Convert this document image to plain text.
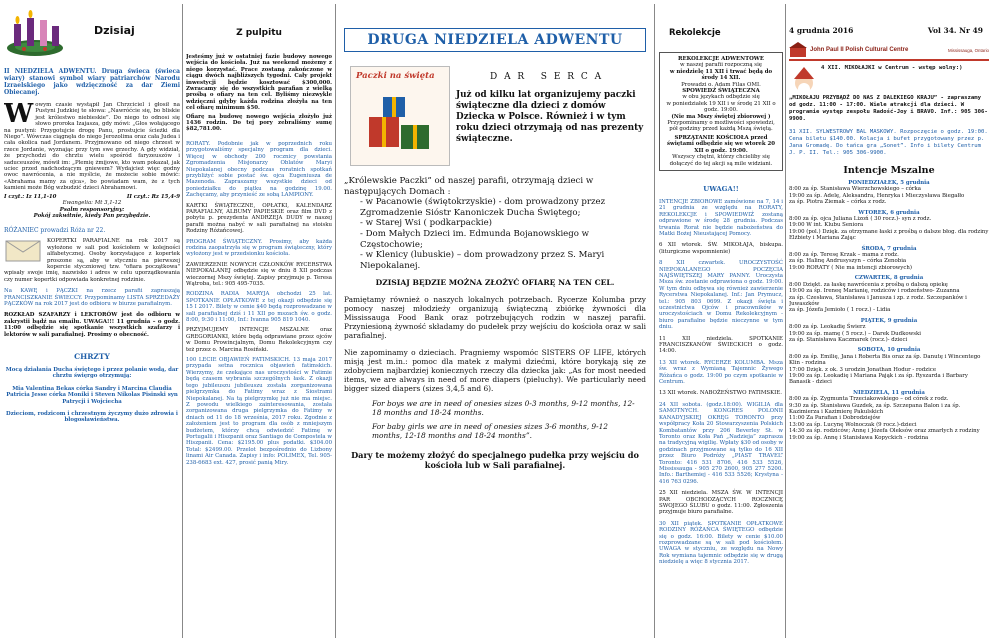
Dzisiaj

II NIEDZIELA ADWENTU. Druga świeca (świeca wiary) stanowi symbol wiary patriarchów Narodu Izraelskiego jako wdzięczność za dar Ziemi Obiecanej.

W owym czasie wystąpił Jan Chrzciciel i głosił na Pustyni Judzkiej te słowa: „Nawróćcie się, bo bliskie jest królestwo niebieskie”. Do niego to odnosi się słowo proroka Izajasza, gdy mówi: „Głos wołającego na pustyni: Przygotujcie drogę Panu, prostujcie ścieżki dla Niego”. Wówczas ciągnęła do niego Jerozolima oraz cała Judea i cała okolica nad Jordanem. Przyjmowano od niego chrzest w rzece Jordanie, wyznając przy tym swe grzechy. A gdy widział, że przychodzi do chrztu wielu spośród faryzeuszów i saduceuszów, mówił im: „Plemię żmijowe, kto wam pokazał, jak uciec przed nadchodzącym gniewem? Wydajcież więc godny owoc nawrócenia, a nie myślcie, że możecie sobie mówić: «Abrahama mamy za ojca», bo powiadam wam, że z tych kamieni może Bóg wzbudzić dzieci Abrahamowi.
I czyt.: Iz 11,1-10	II czyt.: Rz 15,4-9

Ewangelia: Mt 3,1-12

Psalm responsoryjny:

Pokój zakwitnie, kiedy Pan przybędzie.

RÓŻANIEC prowadzi Róża nr 22.

KOPERTKI PARAFIALNE na rok 2017 są wyłożone w sali pod kościołem w kolejności alfabetycznej. Osoby korzystające z kopertek proszone są, aby w styczniu na pierwszej kopercie styczniowej tzw. "ofiara początkowa" wpisały swoje imię, nazwisko i adres w celu uporządkowania czy numer kopertki odpowiada konkretnej rodzinie.

Na KAWĘ i PĄCZKI na rzecz parafii zapraszają FRANCISZKANIE ŚWIECCY. Przypominamy LISTA SPRZEDAŻY PĄCZKÓW na rok 2017 jest do odbioru w biurze parafialnym.

ROZKŁAD SZAFARZY i LEKTORÓW jest do odbioru w zakrystii bądź na emailu. UWAGA!!! 11 grudnia – o godz. 11:00 odbędzie się spotkanie wszystkich szafarzy i lektorów w sali parafialnej. Prosimy o obecność.

CHRZTY

Mocą działania Ducha świętego i przez polanie wodą, dar chrztu święrgo otrzymują:

Mia Valentina Bekas córka Sandry i Marcina Claudia Patricia Jesse córka Moniki i Steven Nikolas Pisinski syn Patrycji i Wojciecha

Dzieciom, rodzicom i chrzestnym życzymy dużo zdrowia i błogosławieństwa.

Z pulpitu

Jesteśmy już w ostatniej fazie budowy nowego wejścia do kościoła. Już na weekend możemy z niego korzystać. Prace zostaną zakończone w ciągu dwóch najbliższych tygodni. Cały projekt inwestycji będzie kosztować $300,000. Zwracamy się do wszystkich parafian z wielką prośbą o ofiary na ten cel. Byliśmy niezwykle wdzięczni gdyby każda rodzina złożyła na ten cel ofiarę minimum $50.

Ofiarę na budowę nowego wejścia złożyło już 1436 rodzin. Do tej pory zebraliśmy sumę $82,781.00.

RORATY. Podobnie jak w poprzednich roku przygotowaliśmy specjalny program dla dzieci. Więcej w obchody 200 rocznicy powstania Zgromadzenia Misjonarzy Oblatów Maryi Niepokalanej obecny podczas roratnich spotkań przybliżyć sobie postać św. ojca Eugeniusza de Mazenoda. Zapraszamy wszystkie dzieci od poniedziałku do piątku na godzinę 19.00. Zachęcamy, aby przynieść ze sobą LAMPIONY.

KARTKI ŚWIĄTECZNE, OPŁATKI, KALENDARZ PARAFIALNY, ALBUMY PAPIESKIE oraz film DVD z pobytu p. prezydenta ANDRZEJA DUDY w naszej parafii można nabyć w sali parafialnej na stoisku Rodziny Różańcowej.

PROGRAM ŚWIĄTECZNY. Prosimy, aby każda rodzina zaopatrzyła się w program świąteczny, który wyłożony jest w przedsionku kościoła.

ZAWIERZENIE NOWYCH CZŁONKÓW RYCERSTWA NIEPOKALANEJ odbędzie się w dniu 8 XII podczas wieczornej Mszy świętej. Zapisy przyjmuje p. Teresa Wątroba, tel.: 905 495-7035.

RODZINA RADIA MARYJA obchodzi 25 lat. SPOTKANIE OPŁATKOWE z tej okazji odbędzie się 15 I 2017. Bilety w cenie $40 będą rozprowadzane w sali parafialnej dziś i 11 XII po mszach św. o godz. 8:00, 9:30 i 11:00, Inf.: Ivanna 905 819 1040.

PRZYJMUJEMY INTENCJE MSZALNE oraz GREGORIANKI, które będą odprawiane przez ojców w Domu Prowincjalnym, Domu Rekolekcyjnym czy też przez o. Marcina Rosiński.

100 LECIE OBJAWIEŃ FATIMSKICH. 13 maja 2017 przypada setna rocznica objawień fatimskich. Wierzymy, że czekające nas uroczystości w Fatimie będą czasem wybrania szczególnych łask. Z okazji tego jubileuszu jubileuszu została zorganizowana pielgrzymka do Fatimy wraz z Siostrami Niepokalanej. Na tą pielgrzymkę już nie ma miejsc. Z powodu wielkiego zainteresowania, została zorganizowana druga pielgrzymka do Fatimy w dniach od 11 do 18 września, 2017 roku. Zgodnie z założeniem jest to program dla osób z mniejszym budżetem, którzy chcą odwiedzić Fatimę w Portugalii i Hiszpanii oraz Santiago de Compostela w Hiszpanii. Cena: $2195.00 plus podatki. $304.00 Total: $2499.00. Przelot bezpośrednio do Lizbony linami Air Canada. Zapisy i info: POLIMEX, Tel. 905-238-6683 ext. 427, prosić panią Miry.

DRUGA NIEDZIELA ADWENTU
Paczki na święta	D A R   S E R C A

Już od kilku lat organizujemy paczki świąteczne dla dzieci z domów Dziecka w Polsce. Również i w tym roku dzieci otrzymają od nas prezenty świąteczne.

„Królewskie Paczki” od naszej parafii, otrzymają dzieci w następujących Domach :

- w Pacanowie (świętokrzyskie) - dom prowadzony przez Zgromadzenie Sióstr Kanoniczek Ducha Świętego;

- w Starej Wsi ( podkarpackie)

- Dom Małych Dzieci im. Edmunda Bojanowskiego w Częstochowie;

- w Klenicy (lubuskie) – dom prowadzony przez S. Maryi Niepokalanej.

DZISIAJ BĘDZIE MOŻNA ZŁOŻYĆ OFIARĘ NA TEN CEL.

Pamiętamy również o naszych lokalnych potrzebach. Rycerze Kolumba przy pomocy naszej młodzieży organizują świąteczną zbiórkę żywności dla Mississauga Food Bank oraz potrzebujących rodzin w naszej parafii. Przyniesioną żywność składamy do pudełek przy wejściu do kościoła oraz w sali parafialnej.

Nie zapominamy o dzieciach. Pragniemy wspomóc SISTERS OF LIFE, których misją jest m.in.: pomoc dla matek z małymi dziećmi, które borykają się ze zdobyciem najbardziej koniecznych rzeczy dla dziecka jak: „As for most needed items, we are always in need of more diapers (pieluchy). We particularly need bigger sized diapers (sizes 3,4,5 and 6).

For boys we are in need of onesies sizes 0-3 months, 9-12 months, 12-18 months and 18-24 months.

For baby girls we are in need of onesies sizes 3-6 months, 9-12 months, 12-18 months and 18-24 months”.

Dary te możemy złożyć do specjalnego pudełka przy wejściu do kościoła lub w Sali parafialnej.

Rekolekcje

REKOLEKCJE ADWENTOWE

w naszej parafii rozpoczną się

w niedzielę 11 XII i trwać będą do środy 14 XII.

Prowadzi o. Adam Filas OMI.

SPOWIEDŹ ŚWIĄTECZNA

w obu językach odbędzie się

w poniedziałek 19 XII i w środę 21 XII o godz. 19:00.

(Nie ma Mszy świętej zbiorowej )

Przypominamy o możliwości spowiedzi, pół godziny przed każdą Mszą świętą.

SPRZĄTANIE KOŚCIOŁA przed świętami odbędzie się we wtorek 20 XII o godz. 19:00.

Wszyscy chętni, którzy chcieliby się dołączyć do tej akcji są mile widziani.

UWAGA!!

INTENCJE ZBIOROWE zamówione na 7, 14 i 21 grudnia ze względu na RORATY, REKOLEKCJE i SPOWIEDWIŹ zostaną odprawione w środę 28 grudnia. Podczas trwania Rorat nie będzie nabożeństwa do Matki Bożej Nieustającej Pomocy.

6 XII wtorek. ŚW. MIKOŁAJA, biskupa. (liturgiczne wspomnienie)

8 XII czwartek. UROCZYSTOŚĆ NIEPOKALANEGO POCZĘCIA NAJŚWIĘTSZEJ MARY PANNY. Uroczysta Msza św. zostanie odprawiona o godz. 19:00. W tym dniu odbywa się również zawierzenie Rycerstwa Niepokalanej. Inf.: Jan Prymucz, tel.: 905 803 0699. Z okazji święta i uczestnictwa Ojców i pracowników w uroczystościach w Domu Rekolekcyjnym - biuro parafialne będzie nieczynne w tym dniu.

11 XII niedziela. SPOTKANIE FRANCISZKANÓW ŚWIECKICH o godz. 14:00.

13 XII wtorek. RYCERZE KOLUMBA. Msza św. wraz z Wymianą Tajemnic Żywego Różańca o godz. 19:00 po czym spotkanie w Centrum.

13 XII wtorek. NABOŻEŃSTWO FATIMSKIE.

24 XII sobota. (godz.18:00). WIGILIA dla SAMOTNYCH. KONGRES POLONII KANADYJSKIEJ OKRĘG TORONTO przy współpracy Koła 20 Stowarzyszenia Polskich Kombatantów przy 206 Beverley St. w Toronto oraz Koła Pań „Nadzieja” zaprasza na tradycyjną wigilię. Wpłaty $30 od osoby w godzinach przyjmowane są tylko do 16 XII przez Biuro Podróży „PIAST TRAVEL” Toronto: 416 531 8706, 416 533 5526, Mississauga - 905 270 2600, 905 277 5200. Info.: Barthemiej - 416 533 5526; Krystyna - 416 763 0296.

25 XII niedziela. MSZA ŚW. W INTENCJI PAR OBCHODZĄCYCH ROCZNICĘ SWOJEGO ŚLUBU o godz. 11:00. Zgłoszenia przyjmuje biuro parafialne.

30 XII piątek. SPOTKANIE OPŁATKOWE RODZINY RÓŻAŃCA ŚWIĘTEGO odbędzie się o godz. 16:00. Bilety w cenie $10.00 rozprowadzane są w sali pod kościołem. UWAGA w styczniu, ze względu na Nowy Rok wymiana tajemnic odbędzie się w drugą niedzielę a więc 8 stycznia 2017.

4 grudnia 2016	Vol 34. Nr 49
John Paul II Polish Cultural Centre	Mississauga, Ontario

4 XII. MIKOŁAJKI w Centrum - wstęp wolny:)

„MIKOŁAJU PRZYBĄDŹ DO NAS Z DALEKIEGO KRAJU” - zapraszamy od godz. 11:00 - 17:00. Wiele atrakcji dla dzieci. W programie występ zespołu Radość-Joy i BRAVO. Inf.: 905 306-9900.

31 XII. SYLWESTROWY BAL MASKOWY. Rozpoczęcie o godz. 19:00. Cena biletu $140.00. Kolacja i bufet przygotowany przez p. Jana Gromadę. Do tańca gra „Sonet”. Info i bilety Centrum J. P. II. Tel.: 905 306-9900.

Intencje Mszalne

PONIEDZIAŁEK, 5 grudnia

8:00 za śp. Stanisława Wierzchowskiego – córka

19:00 za śp. Adelę, Aleksandra, Henryka i Mieczysława Biegałło

za śp. Piotra Ziemak – córka z rodz.

WTOREK, 6 grudnia

8:00 za śp. ojca Juliana Lizoń ( 30 rocz.)- syn z rodz.

19:00 W int. Klubu Seniora

19:00 (pol.) Dzięk. za otrzymane łaski z prośbą o dalsze błog. dla rodziny Elżbiety i Mariana Zając

ŚRODA, 7 grudnia

8:00 za śp. Teresę Krzak – mama z rodz.

za śp. Halinę Andrusyszyn – córka Zenobia

19:00 RORATY ( Nie ma intencji zbiorowych)

CZWARTEK, 8 grudnia

8:00 Dziękt. za łaskę nawrócenia z prośbą o dalszą opiekę

19:00 za śp. Ireneę Marianię, rodziców i rodzeństwo- Zuzanna

za śp. Czesława, Stanisława i Janusza i zp. z rodz. Szczepanków i Juwaszków

za śp. Józefa Jemioło ( 1 rocz.) - Lidia

PIĄTEK, 9 grudnia

8:00 za śp. Leokadię Świerz

19:00 za śp. mamę ( 5 rocz.) – Darek Dudkowski

za śp. Stanisława Kaczmarek (rocz.)- dzieci

SOBOTA, 10 grudnia

8:00 za śp. Emilię, Jana i Roberta Bis oraz za śp. Danutę i Wincentego Klin - rodzina

17:00 Dzięk. z ok. 3 urodzin Jonathan Hodur - rodzice

19:00 za śp. Leokadię i Mariana Pająk i za śp. Ryszarda i Barbary Banasik - dzieci

NIEDZIELA, 11 grudnia

8:00 za śp. Zygmunta Trzeciakowskiego – od córek z rodz.

9:30 za śp. Stanisława Guzdek, za śp. Szczepana Balon i za śp. Kazimierza i Kazimierę Pakulskich

11:00 Za Parafian i Dobrodziejów

13:00 za śp. Lucynę Wolnoczak (9 rocz.)-dzieci

14:30 za śp. rodziców; Annę i Józefa Oleksów oraz zmarłych z rodziny

19:00 za śp. Annę i Stanisława Kopyckich - rodzina
